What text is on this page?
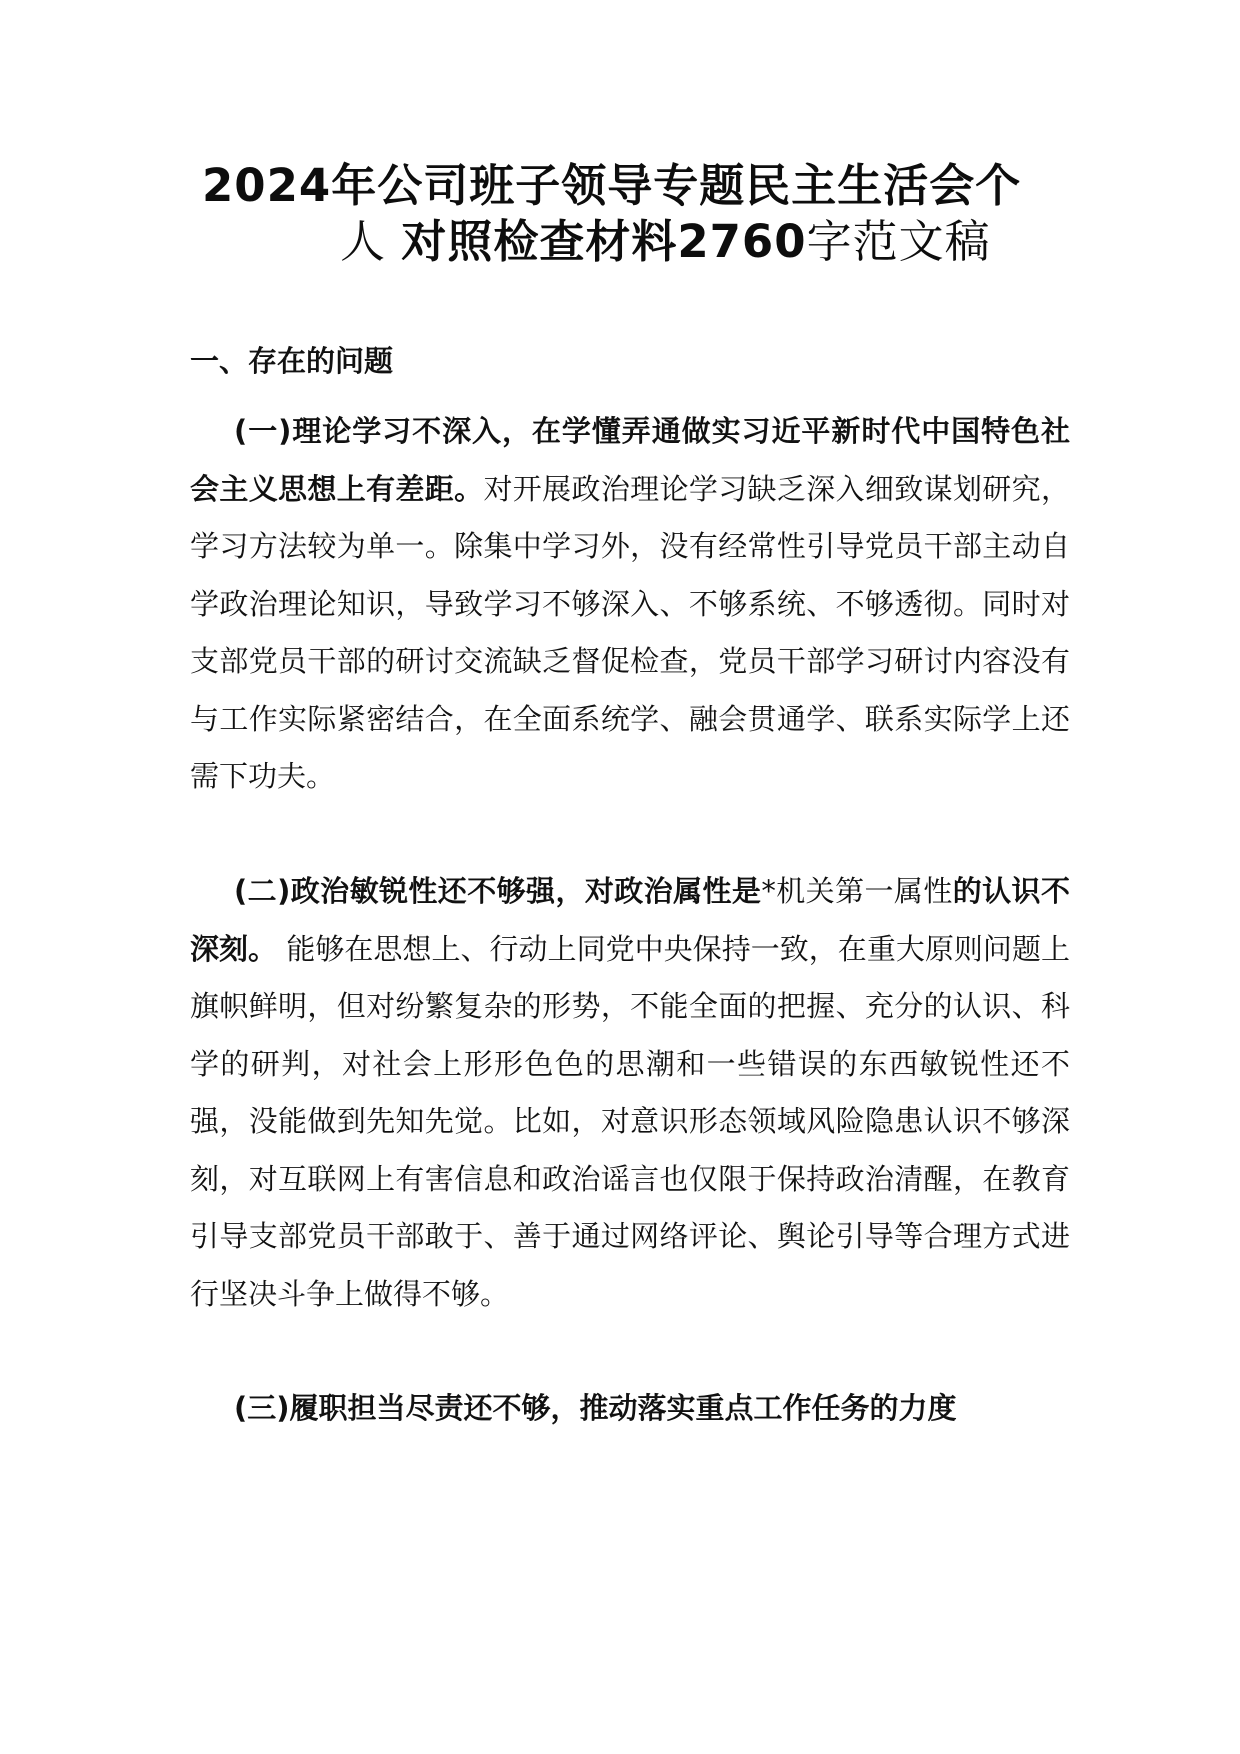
2024年公司班子领导专题民主生活会个
人 对照检查材料2760字范文稿
一、存在的问题
(一)理论学习不深入，在学懂弄通做实习近平新时代中国特色社会主义思想上有差距。对开展政治理论学习缺乏深入细致谋划研究，学习方法较为单一。除集中学习外，没有经常性引导党员干部主动自学政治理论知识，导致学习不够深入、不够系统、不够透彻。同时对支部党员干部的研讨交流缺乏督促检查，党员干部学习研讨内容没有与工作实际紧密结合，在全面系统学、融会贯通学、联系实际学上还需下功夫。
(二)政治敏锐性还不够强，对政治属性是*机关第一属性的认识不深刻。 能够在思想上、行动上同党中央保持一致，在重大原则问题上旗帜鲜明，但对纷繁复杂的形势，不能全面的把握、充分的认识、科学的研判，对社会上形形色色的思潮和一些错误的东西敏锐性还不强，没能做到先知先觉。比如，对意识形态领域风险隐患认识不够深刻，对互联网上有害信息和政治谣言也仅限于保持政治清醒，在教育引导支部党员干部敢于、善于通过网络评论、舆论引导等合理方式进行坚决斗争上做得不够。
(三)履职担当尽责还不够，推动落实重点工作任务的力度
